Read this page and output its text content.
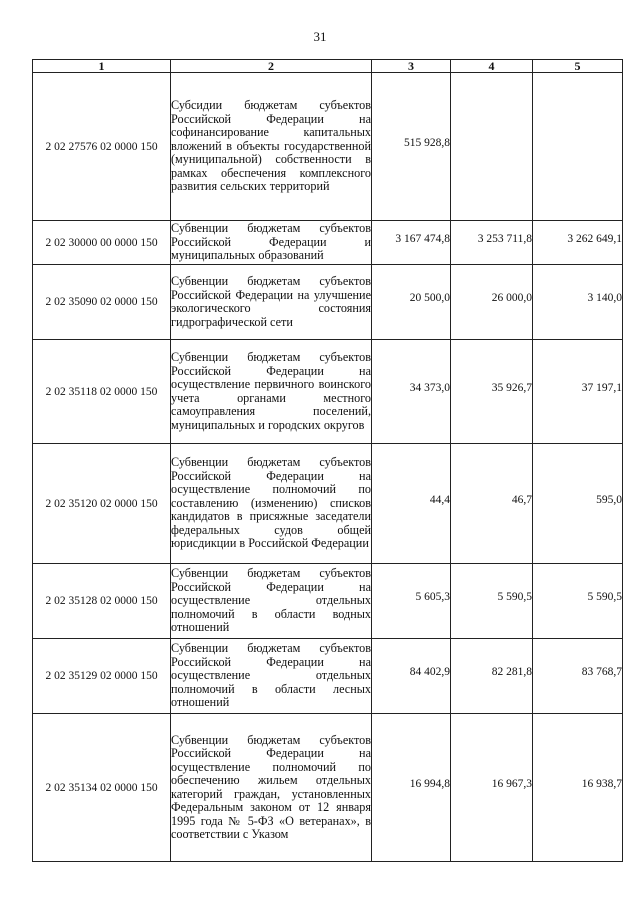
31
1	2	3	4	5
2 02 27576 02 0000 150	Субсидии бюджетам субъектов Российской Федерации на софинансирование капитальных вложений в объекты государственной (муниципальной) собственности в рамках обеспечения комплексного развития сельских территорий	515 928,8		
2 02 30000 00 0000 150	Субвенции бюджетам субъектов Российской Федерации и муниципальных образований	3 167 474,8	3 253 711,8	3 262 649,1
2 02 35090 02 0000 150	Субвенции бюджетам субъектов Российской Федерации на улучшение экологического состояния гидрографической сети	20 500,0	26 000,0	3 140,0
2 02 35118 02 0000 150	Субвенции бюджетам субъектов Российской Федерации на осуществление первичного воинского учета органами местного самоуправления поселений, муниципальных и городских округов	34 373,0	35 926,7	37 197,1
2 02 35120 02 0000 150	Субвенции бюджетам субъектов Российской Федерации на осуществление полномочий по составлению (изменению) списков кандидатов в присяжные заседатели федеральных судов общей юрисдикции в Российской Федерации	44,4	46,7	595,0
2 02 35128 02 0000 150	Субвенции бюджетам субъектов Российской Федерации на осуществление отдельных полномочий в области водных отношений	5 605,3	5 590,5	5 590,5
2 02 35129 02 0000 150	Субвенции бюджетам субъектов Российской Федерации на осуществление отдельных полномочий в области лесных отношений	84 402,9	82 281,8	83 768,7
2 02 35134 02 0000 150	Субвенции бюджетам субъектов Российской Федерации на осуществление полномочий по обеспечению жильем отдельных категорий граждан, установленных Федеральным законом от 12 января 1995 года № 5-ФЗ «О ветеранах», в соответствии с Указом	16 994,8	16 967,3	16 938,7
